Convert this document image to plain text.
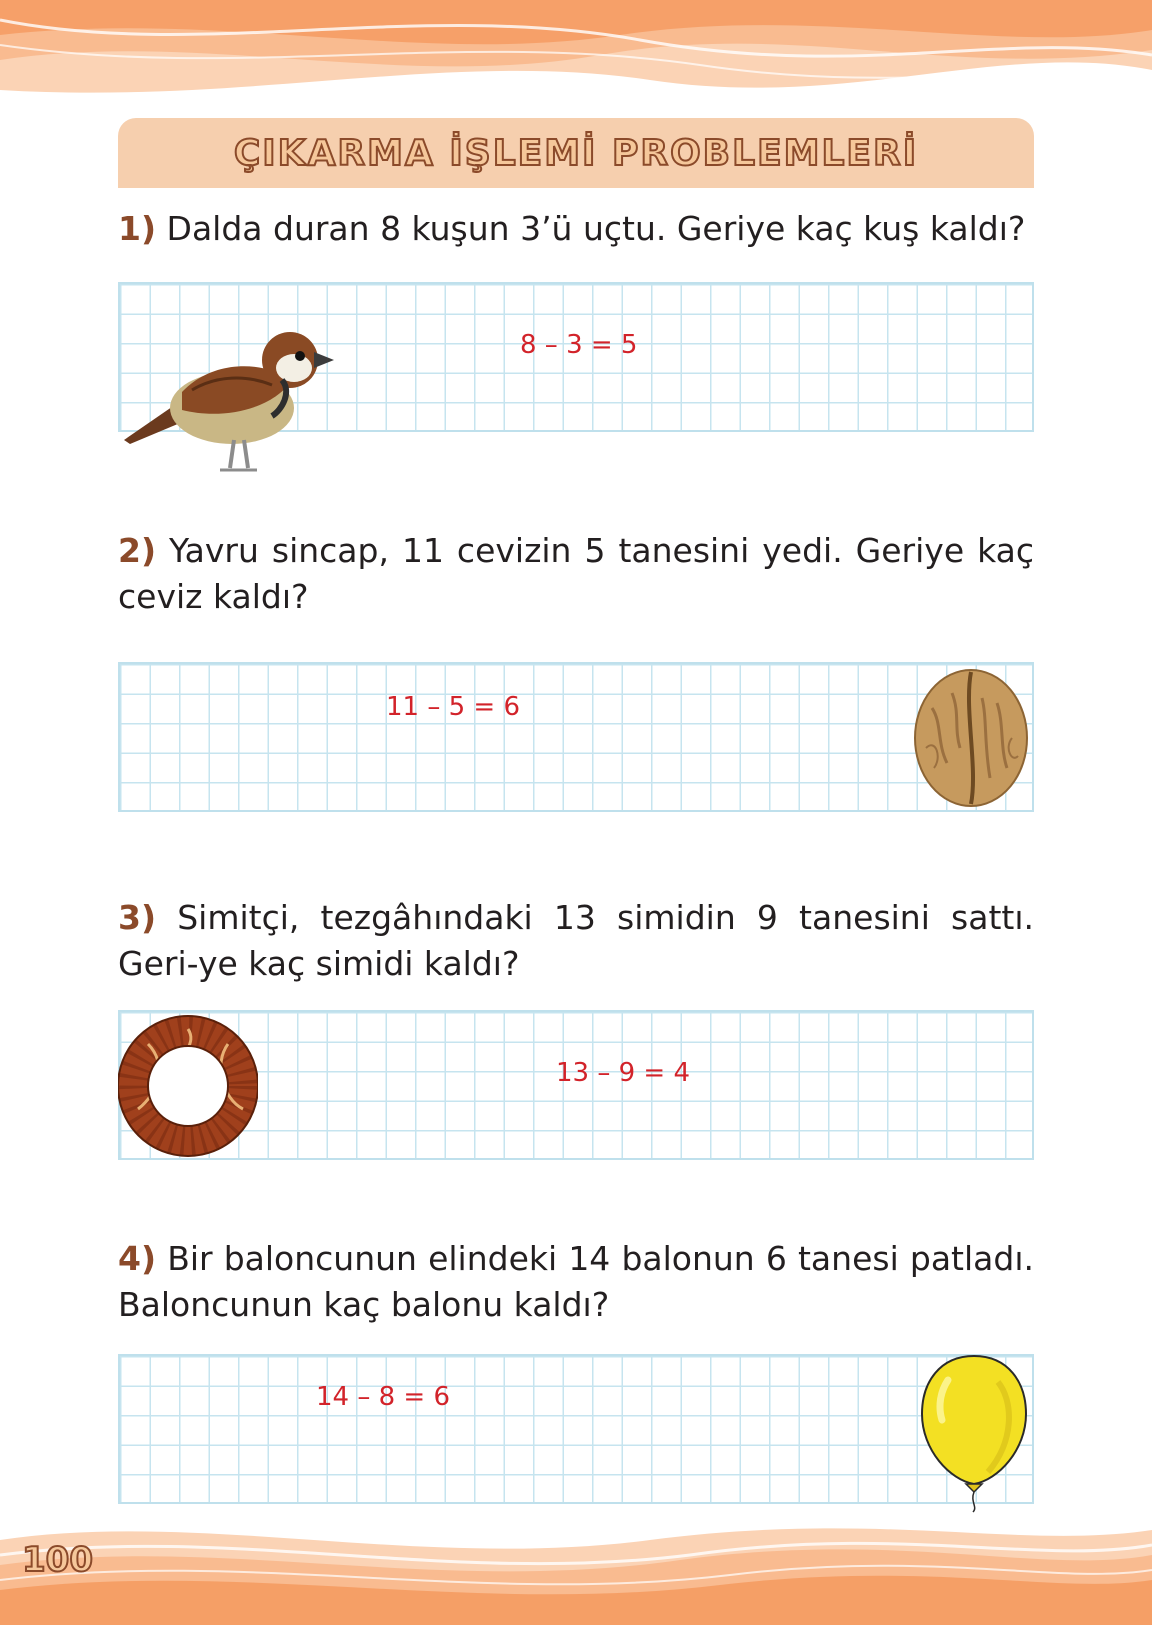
ÇIKARMA İŞLEMİ PROBLEMLERİ
1) Dalda duran 8 kuşun 3’ü uçtu. Geriye kaç kuş kaldı?
8 – 3 = 5
2) Yavru sincap, 11 cevizin 5 tanesini yedi. Geriye kaç ceviz kaldı?
11 – 5 = 6
3) Simitçi, tezgâhındaki 13 simidin 9 tanesini sattı. Geri-ye kaç simidi kaldı?
13 – 9 = 4
4) Bir baloncunun elindeki 14 balonun 6 tanesi patladı. Baloncunun kaç balonu kaldı?
14 – 8 = 6
100
